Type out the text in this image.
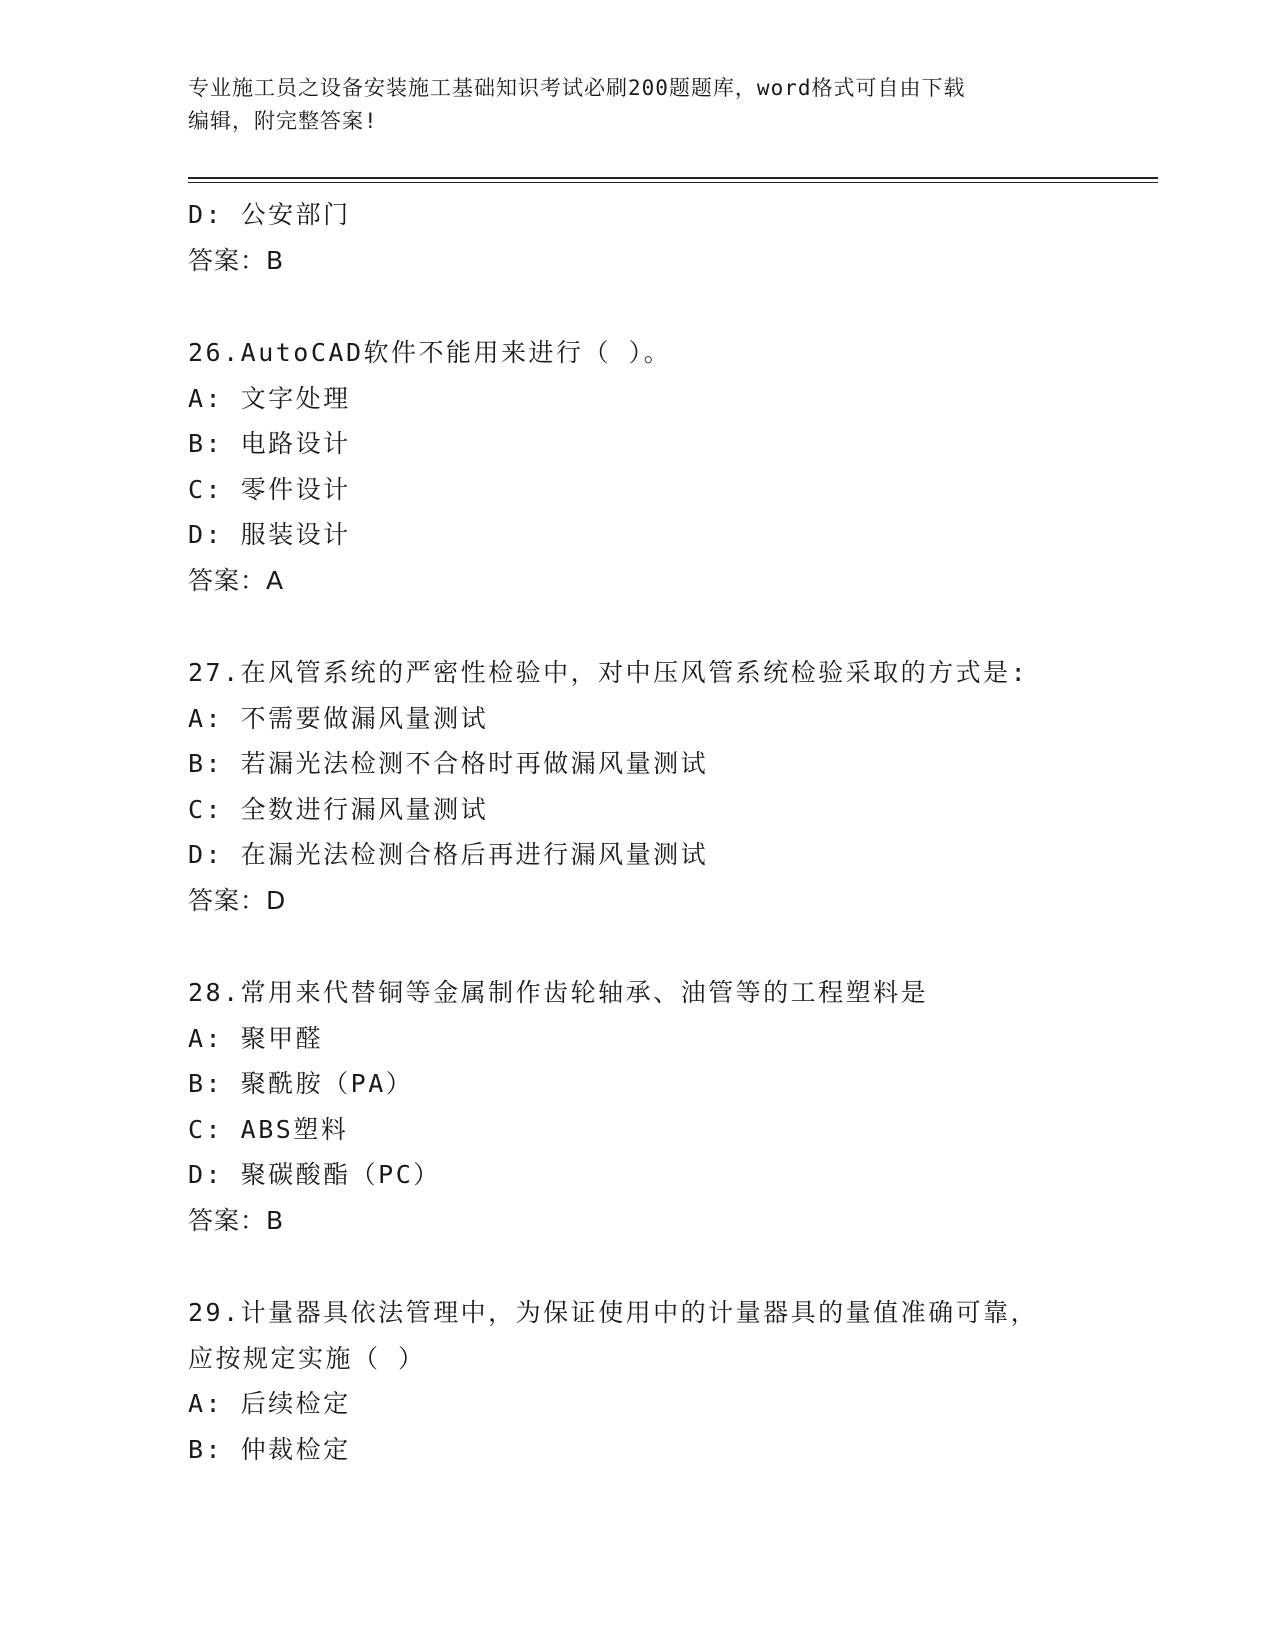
专业施工员之设备安装施工基础知识考试必刷200题题库，word格式可自由下载
编辑，附完整答案!
D: 公安部门
答案：B
26.AutoCAD软件不能用来进行（ ）。
A: 文字处理
B: 电路设计
C: 零件设计
D: 服装设计
答案：A
27.在风管系统的严密性检验中，对中压风管系统检验采取的方式是:
A: 不需要做漏风量测试
B: 若漏光法检测不合格时再做漏风量测试
C: 全数进行漏风量测试
D: 在漏光法检测合格后再进行漏风量测试
答案：D
28.常用来代替铜等金属制作齿轮轴承、油管等的工程塑料是
A: 聚甲醛
B: 聚酰胺（PA）
C: ABS塑料
D: 聚碳酸酯（PC）
答案：B
29.计量器具依法管理中，为保证使用中的计量器具的量值准确可靠，
应按规定实施（ ）
A: 后续检定
B: 仲裁检定
